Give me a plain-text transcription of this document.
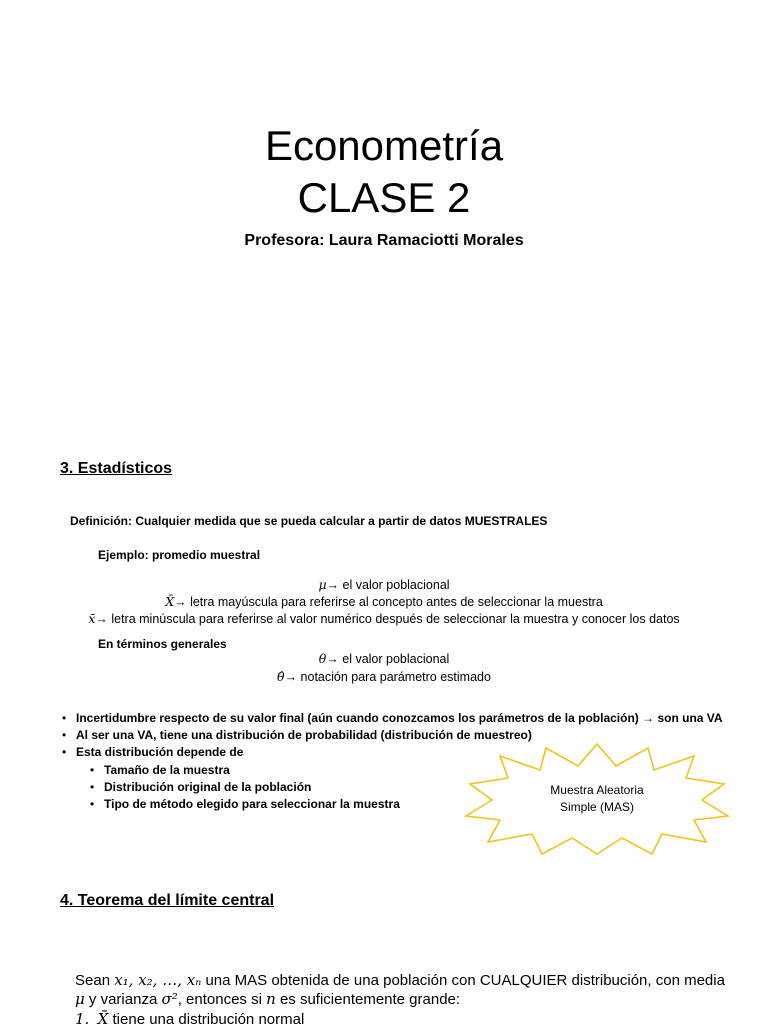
Econometría
CLASE 2
Profesora: Laura Ramaciotti Morales
3. Estadísticos
Definición: Cualquier medida que se pueda calcular a partir de datos MUESTRALES
Ejemplo: promedio muestral
μ→ el valor poblacional
X̄→ letra mayúscula para referirse al concepto antes de seleccionar la muestra
x̄→ letra minúscula para referirse al valor numérico después de seleccionar la muestra y conocer los datos
En términos generales
θ→ el valor poblacional
θ̂→ notación para parámetro estimado
• Incertidumbre respecto de su valor final (aún cuando conozcamos los parámetros de la población) → son una VA
• Al ser una VA, tiene una distribución de probabilidad (distribución de muestreo)
• Esta distribución depende de
• Tamaño de la muestra
• Distribución original de la población
• Tipo de método elegido para seleccionar la muestra
Muestra Aleatoria
Simple (MAS)
4. Teorema del límite central
Sean x₁, x₂, …, xₙ una MAS obtenida de una población con CUALQUIER distribución, con media
μ y varianza σ², entonces si n es suficientemente grande:
1. X̄ tiene una distribución normal
